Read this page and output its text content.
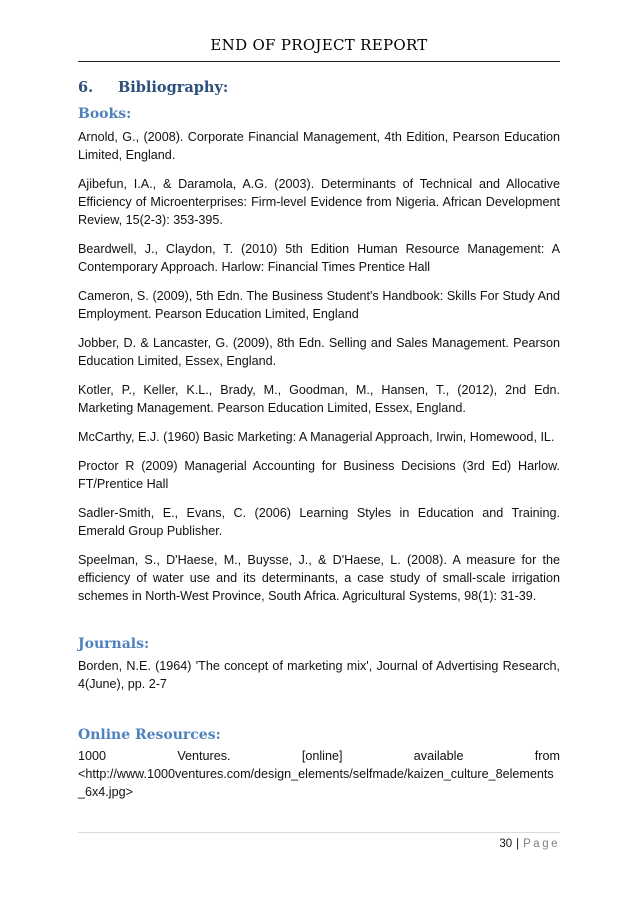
END OF PROJECT REPORT
6. Bibliography:
Books:

Arnold, G., (2008). Corporate Financial Management, 4th Edition, Pearson Education Limited, England.

Ajibefun, I.A., & Daramola, A.G. (2003). Determinants of Technical and Allocative Efficiency of Microenterprises: Firm-level Evidence from Nigeria. African Development Review, 15(2-3): 353-395.

Beardwell, J., Claydon, T. (2010) 5th Edition Human Resource Management: A Contemporary Approach. Harlow: Financial Times Prentice Hall

Cameron, S. (2009), 5th Edn. The Business Student's Handbook: Skills For Study And Employment. Pearson Education Limited, England

Jobber, D. & Lancaster, G. (2009), 8th Edn. Selling and Sales Management. Pearson Education Limited, Essex, England.

Kotler, P., Keller, K.L., Brady, M., Goodman, M., Hansen, T., (2012), 2nd Edn. Marketing Management. Pearson Education Limited, Essex, England.

McCarthy, E.J. (1960) Basic Marketing: A Managerial Approach, Irwin, Homewood, IL.

Proctor R (2009) Managerial Accounting for Business Decisions (3rd Ed) Harlow. FT/Prentice Hall

Sadler-Smith, E., Evans, C. (2006) Learning Styles in Education and Training. Emerald Group Publisher.

Speelman, S., D'Haese, M., Buysse, J., & D'Haese, L. (2008). A measure for the efficiency of water use and its determinants, a case study of small-scale irrigation schemes in North-West Province, South Africa. Agricultural Systems, 98(1): 31-39.

Journals:
Borden, N.E. (1964) 'The concept of marketing mix', Journal of Advertising Research, 4(June), pp. 2-7
Online Resources:
1000	Ventures.	[online]	available	from
<http://www.1000ventures.com/design_elements/selfmade/kaizen_culture_8elements_6x4.jpg>
30 | Page
